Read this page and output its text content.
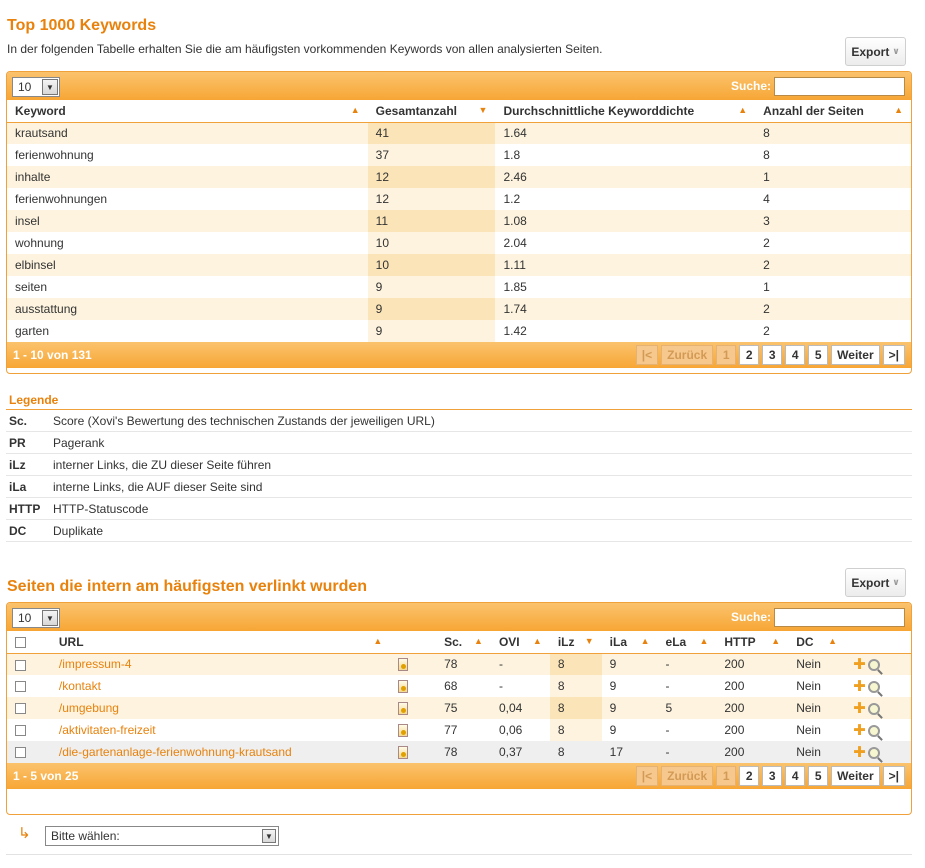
Top 1000 Keywords
In der folgenden Tabelle erhalten Sie die am häufigsten vorkommenden Keywords von allen analysierten Seiten.	Export ∨
10	▼	Suche:
Keyword ▲	Gesamtanzahl ▼	Durchschnittliche Keyworddichte ▲	Anzahl der Seiten ▲

krautsand	41	1.64	8
ferienwohnung	37	1.8	8
inhalte	12	2.46	1
ferienwohnungen	12	1.2	4
insel	11	1.08	3
wohnung	10	2.04	2
elbinsel	10	1.11	2
seiten	9	1.85	1
ausstattung	9	1.74	2
garten	9	1.42	2
1 - 10 von 131	|<	Zurück	1	2	3	4	5	Weiter	>|
Legende
Sc.	Score (Xovi's Bewertung des technischen Zustands der jeweiligen URL)
PR	Pagerank
iLz	interner Links, die ZU dieser Seite führen
iLa	interne Links, die AUF dieser Seite sind
HTTP	HTTP-Statuscode
DC	Duplikate
Seiten die intern am häufigsten verlinkt wurden	Export ∨
10	▼	Suche:
	URL ▲		Sc. ▲	OVI ▲	iLz ▼	iLa ▲	eLa ▲	HTTP ▲	DC ▲	

	/impressum-4		78	-	8	9	-	200	Nein	✚

	/kontakt		68	-	8	9	-	200	Nein	✚

	/umgebung		75	0,04	8	9	5	200	Nein	✚

	/aktivitaten-freizeit		77	0,06	8	9	-	200	Nein	✚

	/die-gartenanlage-ferienwohnung-krautsand		78	0,37	8	17	-	200	Nein	✚
1 - 5 von 25	|<	Zurück	1	2	3	4	5	Weiter	>|
↳ Bitte wählen:	▼
